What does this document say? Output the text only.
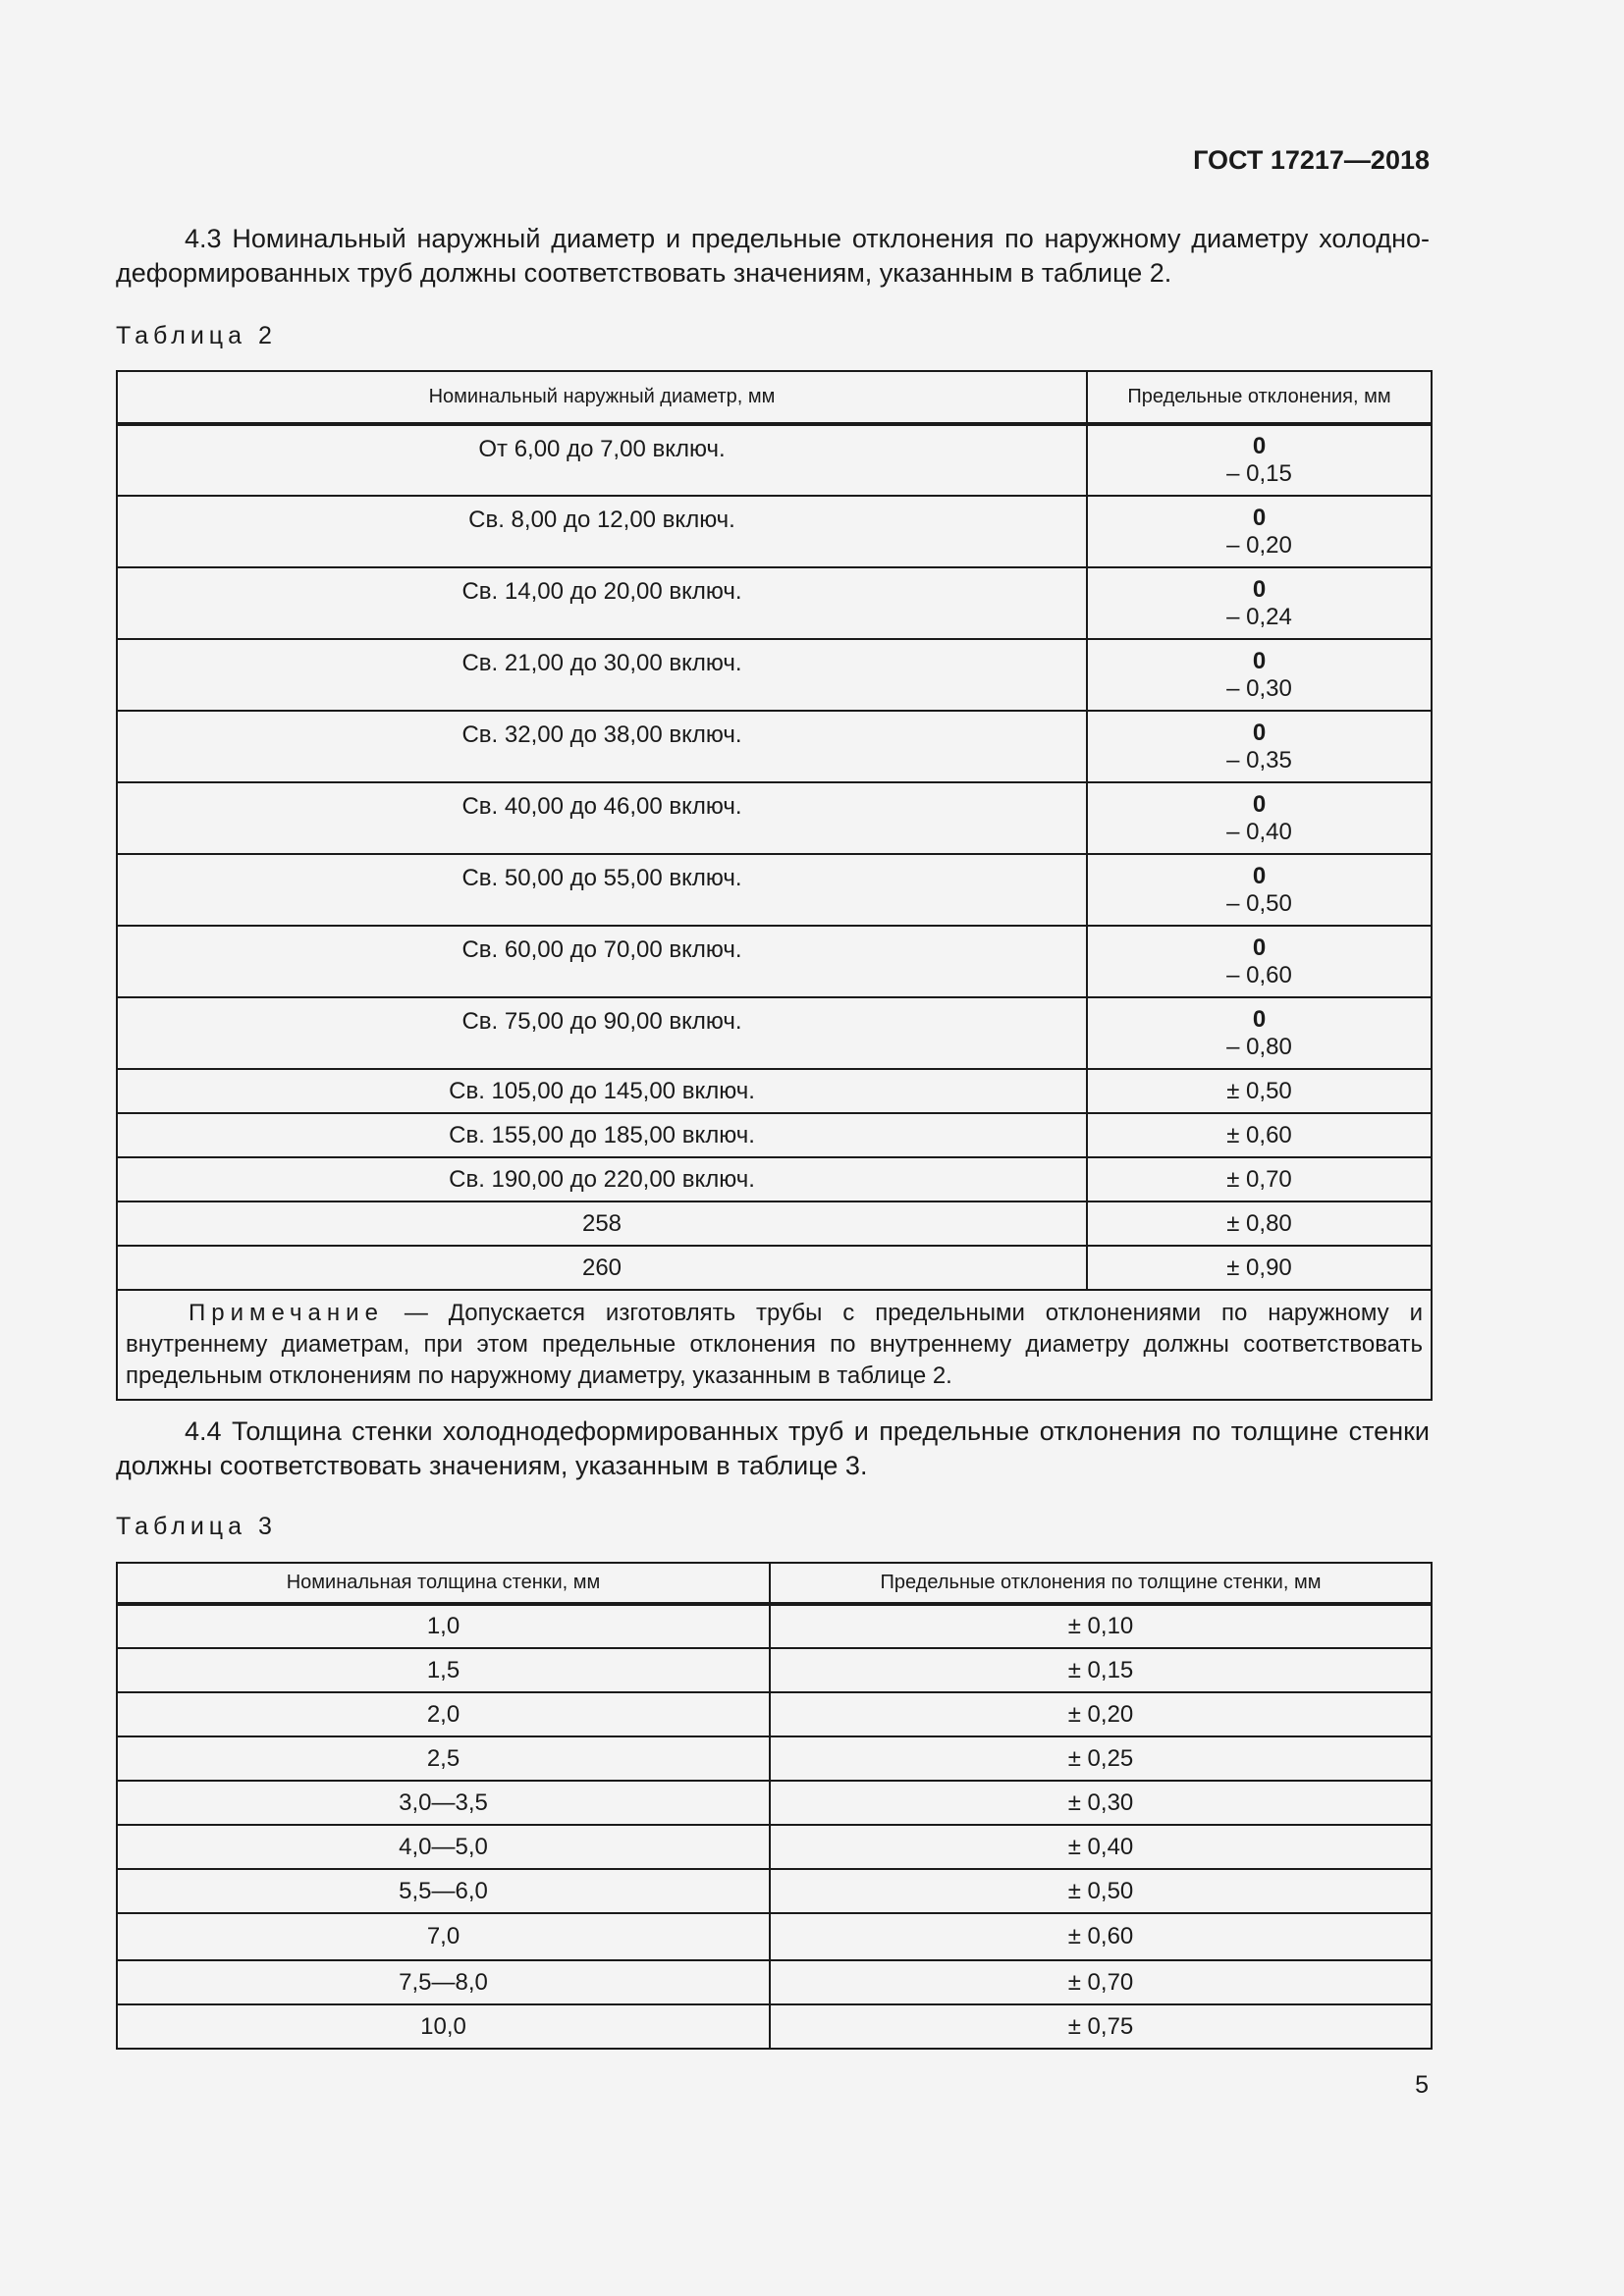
ГОСТ 17217—2018

4.3 Номинальный наружный диаметр и предельные отклонения по наружному диаметру холодно-деформированных труб должны соответствовать значениям, указанным в таблице 2.

Таблица 2
Номинальный наружный диаметр, мм	Предельные отклонения, мм
От 6,00 до 7,00 включ.	0
– 0,15

Св. 8,00 до 12,00 включ.	0
– 0,20

Св. 14,00 до 20,00 включ.	0
– 0,24

Св. 21,00 до 30,00 включ.	0
– 0,30

Св. 32,00 до 38,00 включ.	0
– 0,35

Св. 40,00 до 46,00 включ.	0
– 0,40

Св. 50,00 до 55,00 включ.	0
– 0,50

Св. 60,00 до 70,00 включ.	0
– 0,60

Св. 75,00 до 90,00 включ.	0
– 0,80

Св. 105,00 до 145,00 включ.	± 0,50
Св. 155,00 до 185,00 включ.	± 0,60
Св. 190,00 до 220,00 включ.	± 0,70
258	± 0,80
260	± 0,90
Примечание — Допускается изготовлять трубы с предельными отклонениями по наружному и внутреннему диаметрам, при этом предельные отклонения по внутреннему диаметру должны соответствовать предельным отклонениям по наружному диаметру, указанным в таблице 2.	

4.4 Толщина стенки холоднодеформированных труб и предельные отклонения по толщине стенки должны соответствовать значениям, указанным в таблице 3.

Таблица 3
Номинальная толщина стенки, мм	Предельные отклонения по толщине стенки, мм
1,0	± 0,10
1,5	± 0,15
2,0	± 0,20
2,5	± 0,25
3,0—3,5	± 0,30
4,0—5,0	± 0,40
5,5—6,0	± 0,50
7,0	± 0,60
7,5—8,0	± 0,70
10,0	± 0,75
5
